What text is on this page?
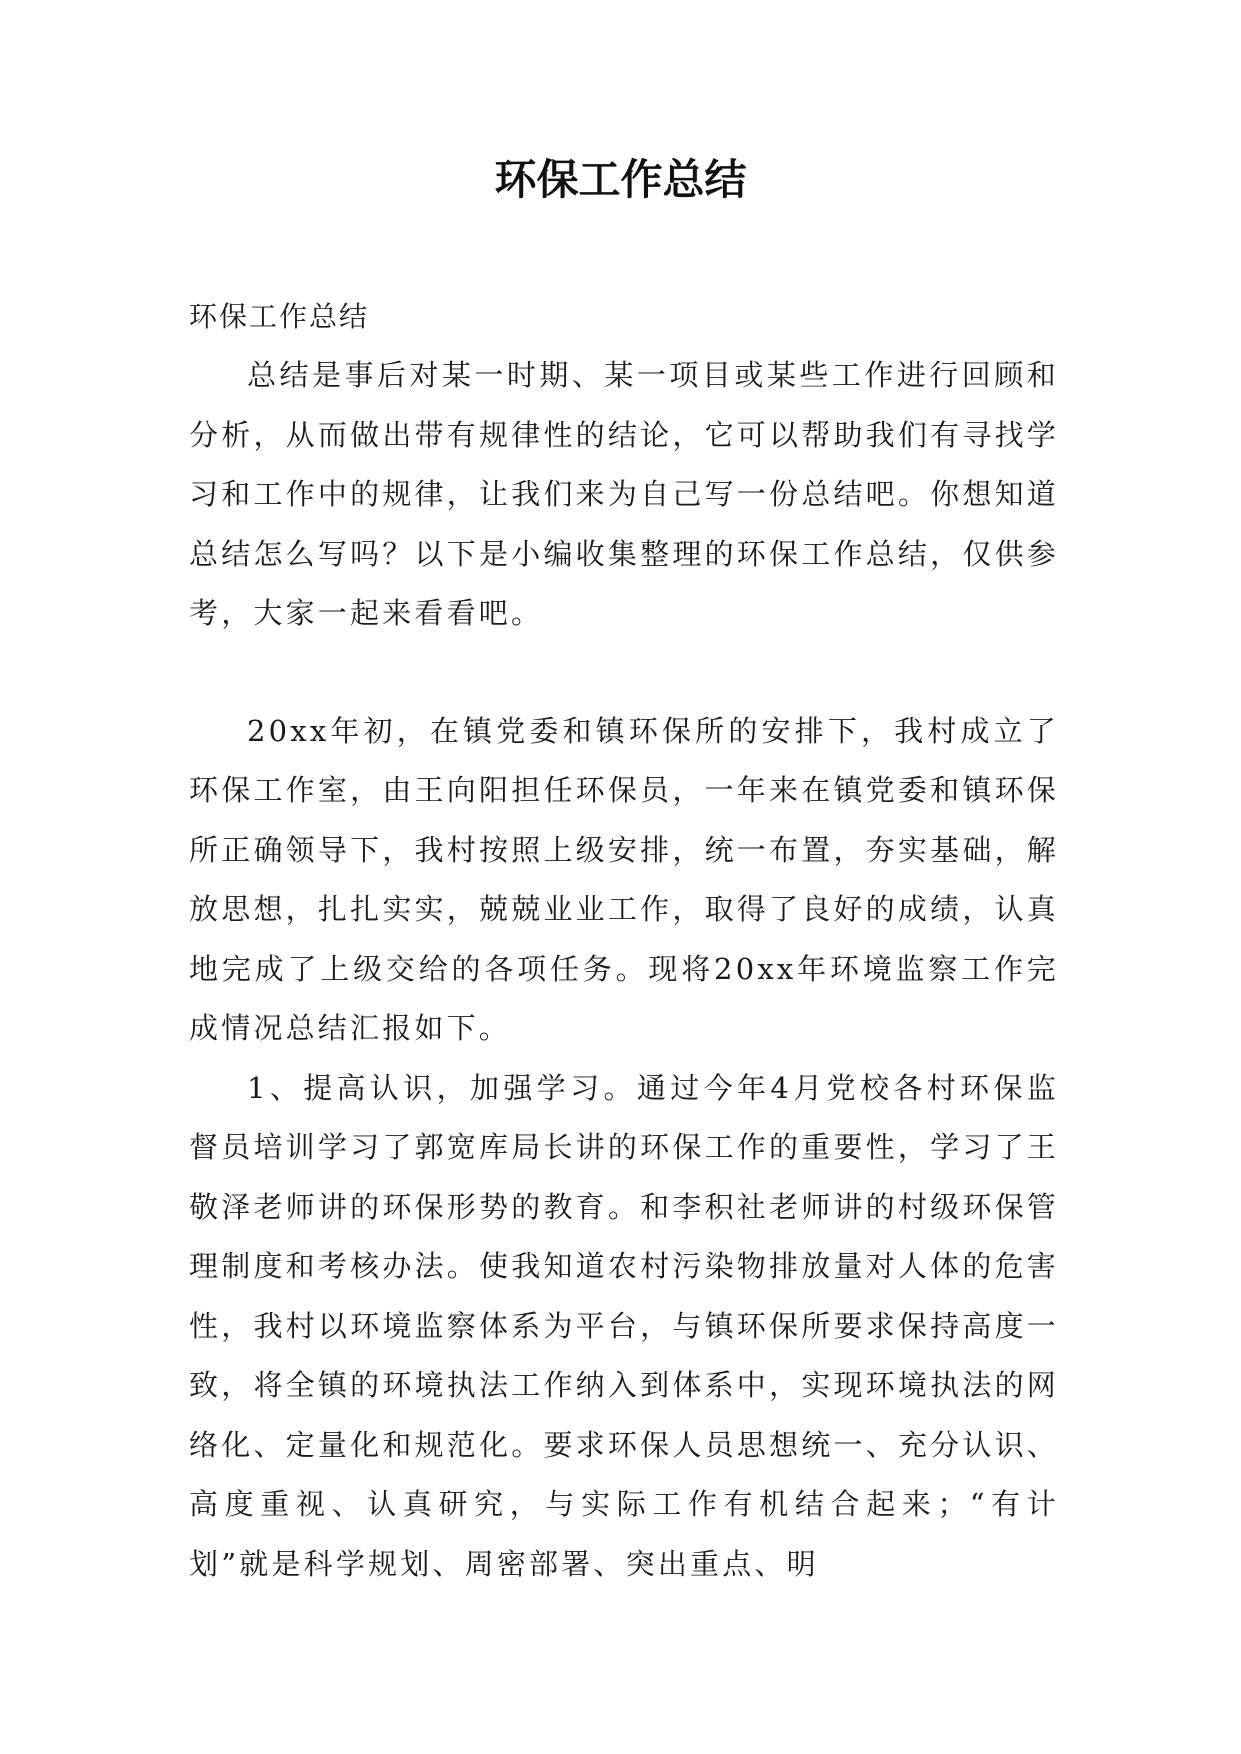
环保工作总结

环保工作总结

总结是事后对某一时期、某一项目或某些工作进行回顾和分析，从而做出带有规律性的结论，它可以帮助我们有寻找学习和工作中的规律，让我们来为自己写一份总结吧。你想知道总结怎么写吗？以下是小编收集整理的环保工作总结，仅供参考，大家一起来看看吧。

20xx年初，在镇党委和镇环保所的安排下，我村成立了环保工作室，由王向阳担任环保员，一年来在镇党委和镇环保所正确领导下，我村按照上级安排，统一布置，夯实基础，解放思想，扎扎实实，兢兢业业工作，取得了良好的成绩，认真地完成了上级交给的各项任务。现将20xx年环境监察工作完成情况总结汇报如下。

1、提高认识，加强学习。通过今年4月党校各村环保监督员培训学习了郭宽库局长讲的环保工作的重要性，学习了王敬泽老师讲的环保形势的教育。和李积社老师讲的村级环保管理制度和考核办法。使我知道农村污染物排放量对人体的危害性，我村以环境监察体系为平台，与镇环保所要求保持高度一致，将全镇的环境执法工作纳入到体系中，实现环境执法的网络化、定量化和规范化。要求环保人员思想统一、充分认识、高度重视、认真研究，与实际工作有机结合起来；“有计划”就是科学规划、周密部署、突出重点、明
